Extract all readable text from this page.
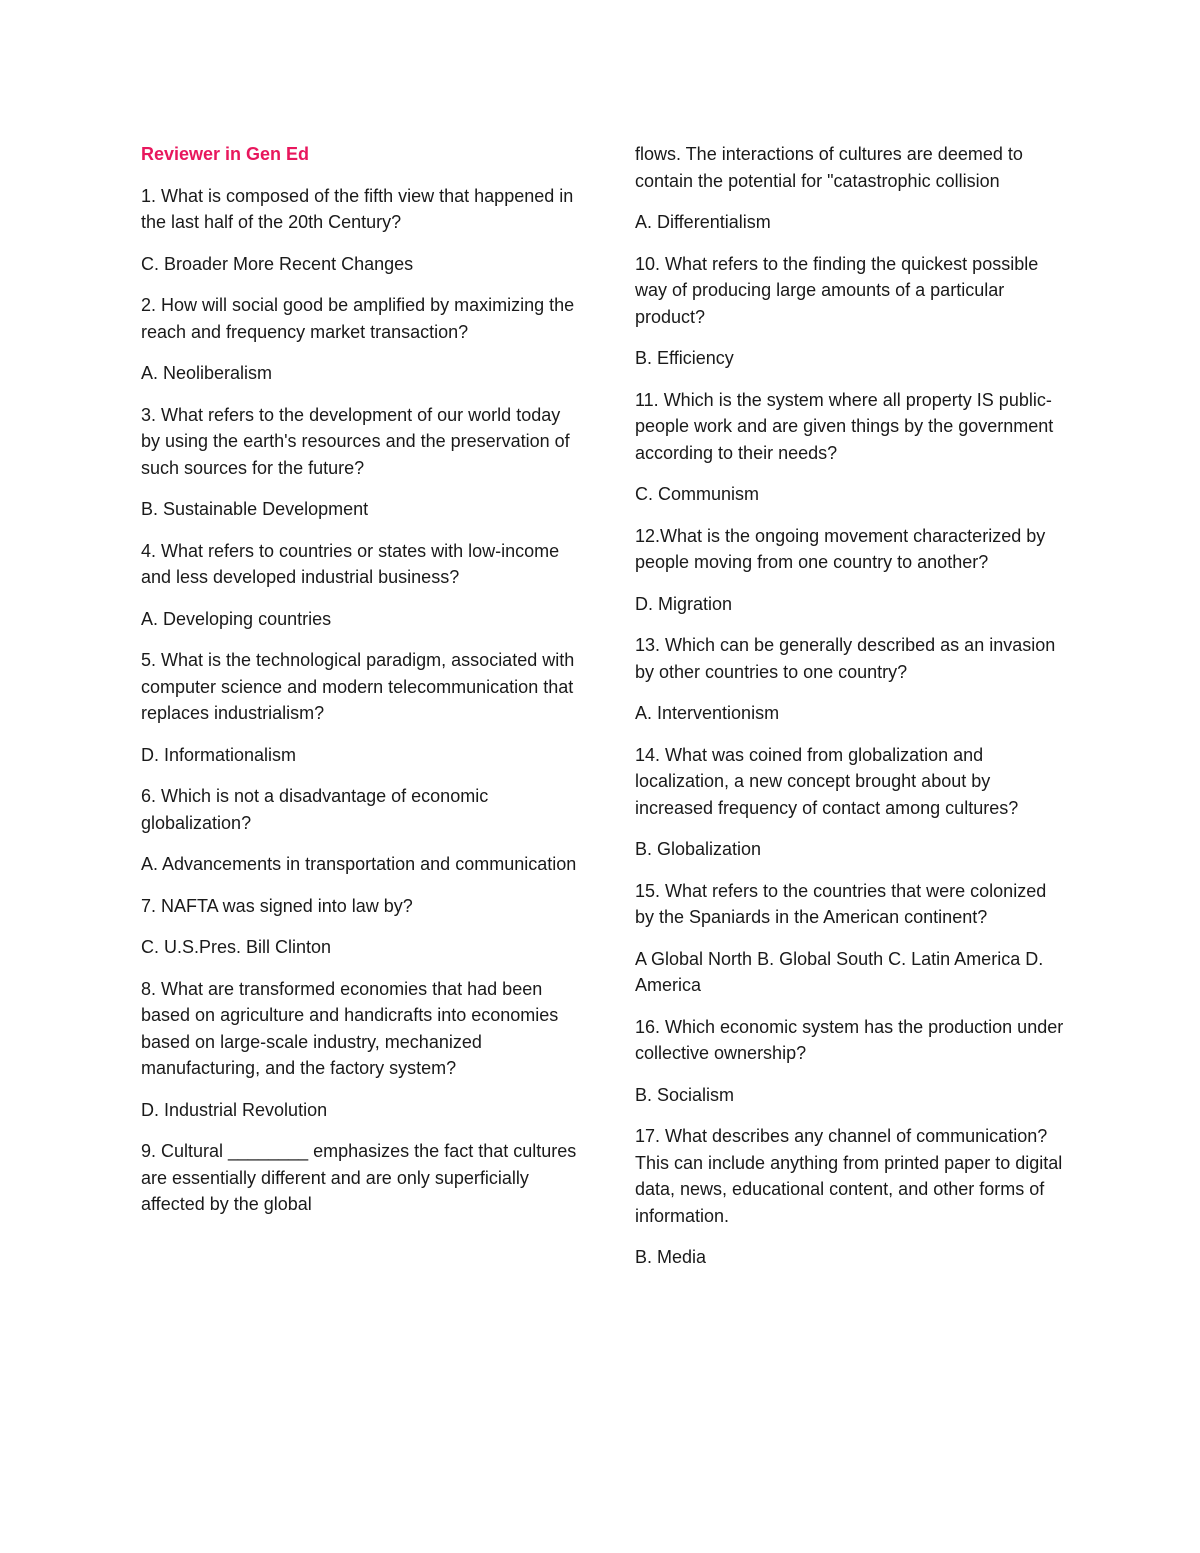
Reviewer in Gen Ed

1. What is composed of the fifth view that happened in the last half of the 20th Century?

C. Broader More Recent Changes

2. How will social good be amplified by maximizing the reach and frequency market transaction?

A. Neoliberalism

3. What refers to the development of our world today by using the earth's resources and the preservation of such sources for the future?

B. Sustainable Development

4. What refers to countries or states with low-income and less developed industrial business?

A. Developing countries

5. What is the technological paradigm, associated with computer science and modern telecommunication that replaces industrialism?

D. Informationalism

6. Which is not a disadvantage of economic globalization?

A. Advancements in transportation and communication

7. NAFTA was signed into law by?

C. U.S.Pres. Bill Clinton

8. What are transformed economies that had been based on agriculture and handicrafts into economies based on large-scale industry, mechanized manufacturing, and the factory system?

D. Industrial Revolution

9. Cultural ________ emphasizes the fact that cultures are essentially different and are only superficially affected by the global

flows. The interactions of cultures are deemed to contain the potential for "catastrophic collision

A. Differentialism

10. What refers to the finding the quickest possible way of producing large amounts of a particular product?

B. Efficiency

11. Which is the system where all property IS public- people work and are given things by the government according to their needs?

C. Communism

12.What is the ongoing movement characterized by people moving from one country to another?

D. Migration

13. Which can be generally described as an invasion by other countries to one country?

A. Interventionism

14. What was coined from globalization and localization, a new concept brought about by increased frequency of contact among cultures?

B. Globalization

15. What refers to the countries that were colonized by the Spaniards in the American continent?

A Global North B. Global South C. Latin America D. America

16. Which economic system has the production under collective ownership?

B. Socialism

17. What describes any channel of communication? This can include anything from printed paper to digital data, news, educational content, and other forms of information.

B. Media
